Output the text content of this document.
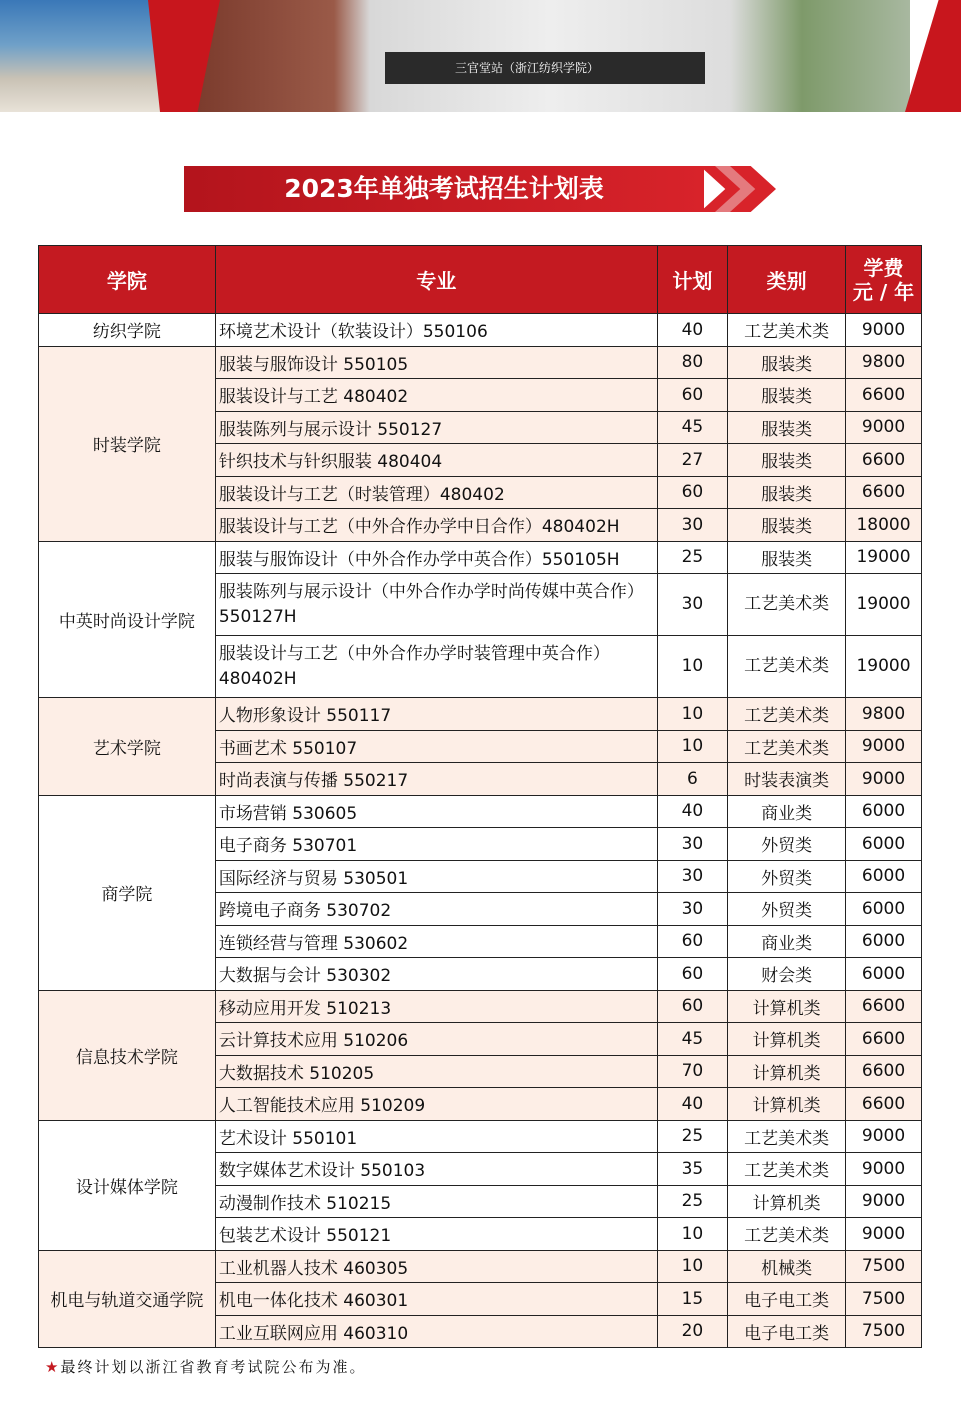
三官堂站（浙江纺织学院）
2023年单独考试招生计划表
学院	专业	计划	类别	学费
元 / 年
纺织学院	环境艺术设计（软装设计）550106	40	工艺美术类	9000
时装学院	服装与服饰设计 550105	80	服装类	9800
	服装设计与工艺 480402	60	服装类	6600
	服装陈列与展示设计 550127	45	服装类	9000
	针织技术与针织服装 480404	27	服装类	6600
	服装设计与工艺（时装管理）480402	60	服装类	6600
	服装设计与工艺（中外合作办学中日合作）480402H	30	服装类	18000
中英时尚设计学院	服装与服饰设计（中外合作办学中英合作）550105H	25	服装类	19000
	服装陈列与展示设计（中外合作办学时尚传媒中英合作）550127H	30	工艺美术类	19000
	服装设计与工艺（中外合作办学时装管理中英合作）480402H	10	工艺美术类	19000
艺术学院	人物形象设计 550117	10	工艺美术类	9800
	书画艺术 550107	10	工艺美术类	9000
	时尚表演与传播 550217	6	时装表演类	9000
商学院	市场营销 530605	40	商业类	6000
	电子商务 530701	30	外贸类	6000
	国际经济与贸易 530501	30	外贸类	6000
	跨境电子商务 530702	30	外贸类	6000
	连锁经营与管理 530602	60	商业类	6000
	大数据与会计 530302	60	财会类	6000
信息技术学院	移动应用开发 510213	60	计算机类	6600
	云计算技术应用 510206	45	计算机类	6600
	大数据技术 510205	70	计算机类	6600
	人工智能技术应用 510209	40	计算机类	6600
设计媒体学院	艺术设计 550101	25	工艺美术类	9000
	数字媒体艺术设计 550103	35	工艺美术类	9000
	动漫制作技术 510215	25	计算机类	9000
	包装艺术设计 550121	10	工艺美术类	9000
机电与轨道交通学院	工业机器人技术 460305	10	机械类	7500
	机电一体化技术 460301	15	电子电工类	7500
	工业互联网应用 460310	20	电子电工类	7500
★最终计划以浙江省教育考试院公布为准。
